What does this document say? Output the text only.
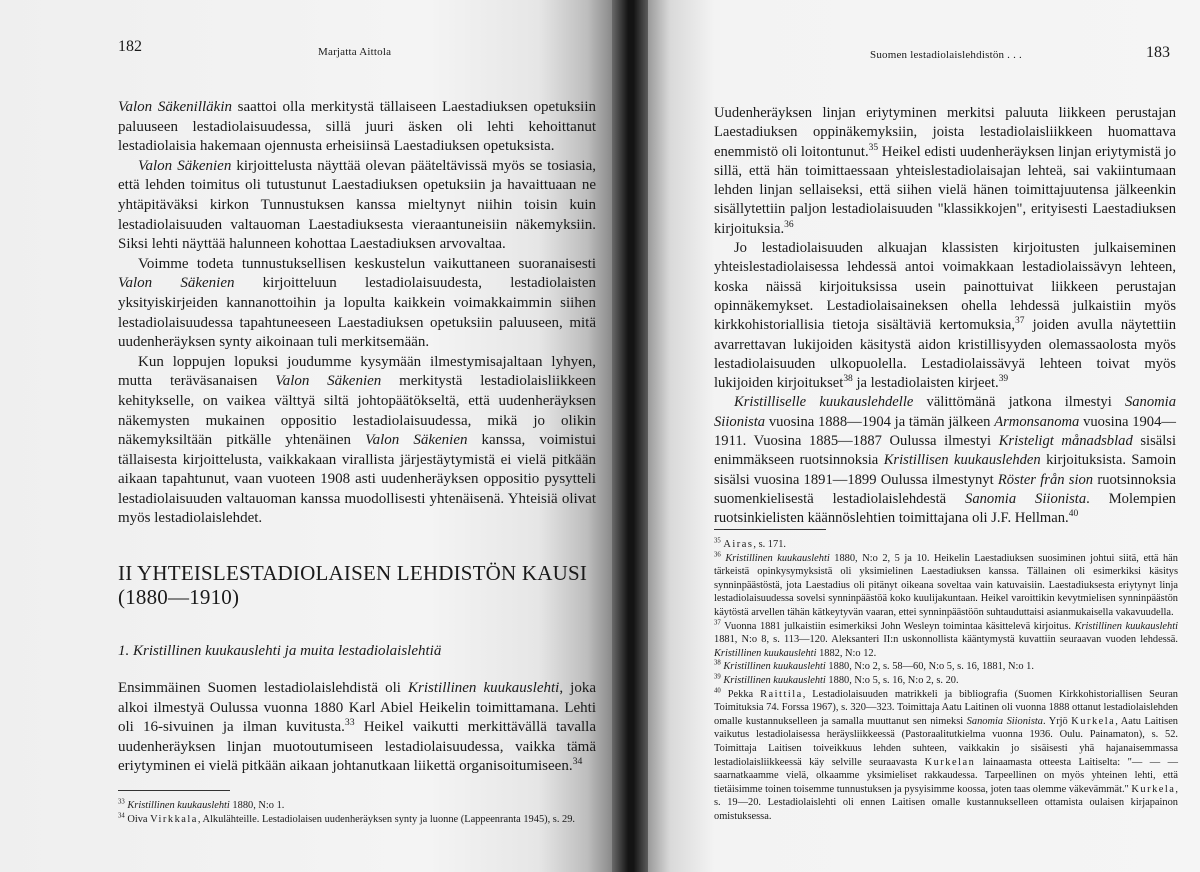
182	Marjatta Aittola

Valon Säkenilläkin saattoi olla merkitystä tällaiseen Laestadiuksen opetuksiin paluuseen lestadiolaisuudessa, sillä juuri äsken oli lehti kehoittanut lestadiolaisia hakemaan ojennusta erheisiinsä Laestadiuksen opetuksista.

Valon Säkenien kirjoittelusta näyttää olevan pääteltävissä myös se tosiasia, että lehden toimitus oli tutustunut Laestadiuksen opetuksiin ja havaittuaan ne yhtäpitäväksi kirkon Tunnustuksen kanssa mieltynyt niihin toisin kuin lestadiolaisuuden valtauoman Laestadiuksesta vieraantuneisiin näkemyksiin. Siksi lehti näyttää halunneen kohottaa Laestadiuksen arvovaltaa.

Voimme todeta tunnustuksellisen keskustelun vaikuttaneen suoranaisesti Valon Säkenien kirjoitteluun lestadiolaisuudesta, lestadiolaisten yksityiskirjeiden kannanottoihin ja lopulta kaikkein voimakkaimmin siihen lestadiolaisuudessa tapahtuneeseen Laestadiuksen opetuksiin paluuseen, mitä uudenheräyksen synty aikoinaan tuli merkitsemään.

Kun loppujen lopuksi joudumme kysymään ilmestymisajaltaan lyhyen, mutta teräväsanaisen Valon Säkenien merkitystä lestadiolaisliikkeen kehitykselle, on vaikea välttyä siltä johtopäätökseltä, että uudenheräyksen näkemysten mukainen oppositio lestadiolaisuudessa, mikä jo olikin näkemyksiltään pitkälle yhtenäinen Valon Säkenien kanssa, voimistui tällaisesta kirjoittelusta, vaikkakaan virallista järjestäytymistä ei vielä pitkään aikaan tapahtunut, vaan vuoteen 1908 asti uudenheräyksen oppositio pysytteli lestadiolaisuuden valtauoman kanssa muodollisesti yhtenäisenä. Yhteisiä olivat myös lestadiolaislehdet.

II YHTEISLESTADIOLAISEN LEHDISTÖN KAUSI
(1880—1910)
1. Kristillinen kuukauslehti ja muita lestadiolaislehtiä

Ensimmäinen Suomen lestadiolaislehdistä oli Kristillinen kuukauslehti, joka alkoi ilmestyä Oulussa vuonna 1880 Karl Abiel Heikelin toimittamana. Lehti oli 16-sivuinen ja ilman kuvitusta.$^{33}$ Heikel vaikutti merkittävällä tavalla uudenheräyksen linjan muotoutumiseen lestadiolaisuudessa, vaikka tämä eriytyminen ei vielä pitkään aikaan johtanutkaan liikettä organisoitumiseen.$^{34}$

$^{33}$ Kristillinen kuukauslehti 1880, N:o 1.

$^{34}$ Oiva Virkkala, Alkulähteille. Lestadiolaisen uudenheräyksen synty ja luonne (Lappeenranta 1945), s. 29.

Suomen lestadiolaislehdistön . . .	183

Uudenheräyksen linjan eriytyminen merkitsi paluuta liikkeen perustajan Laestadiuksen oppinäkemyksiin, joista lestadiolaisliikkeen huomattava enemmistö oli loitontunut.$^{35}$ Heikel edisti uudenheräyksen linjan eriytymistä jo sillä, että hän toimittaessaan yhteislestadiolaisajan lehteä, sai vakiintumaan lehden linjan sellaiseksi, että siihen vielä hänen toimittajuutensa jälkeenkin sisällytettiin paljon lestadiolaisuuden "klassikkojen", erityisesti Laestadiuksen kirjoituksia.$^{36}$

Jo lestadiolaisuuden alkuajan klassisten kirjoitusten julkaiseminen yhteislestadiolaisessa lehdessä antoi voimakkaan lestadiolaissävyn lehteen, koska näissä kirjoituksissa usein painottuivat liikkeen perustajan opinnäkemykset. Lestadiolaisaineksen ohella lehdessä julkaistiin myös kirkkohistoriallisia tietoja sisältäviä kertomuksia,$^{37}$ joiden avulla näytettiin avarrettavan lukijoiden käsitystä aidon kristillisyyden olemassaolosta myös lestadiolaisuuden ulkopuolella. Lestadiolaissävyä lehteen toivat myös lukijoiden kirjoitukset$^{38}$ ja lestadiolaisten kirjeet.$^{39}$

Kristilliselle kuukauslehdelle välittömänä jatkona ilmestyi Sanomia Siionista vuosina 1888—1904 ja tämän jälkeen Armonsanoma vuosina 1904—1911. Vuosina 1885—1887 Oulussa ilmestyi Kristeligt månadsblad sisälsi enimmäkseen ruotsinnoksia Kristillisen kuukauslehden kirjoituksista. Samoin sisälsi vuosina 1891—1899 Oulussa ilmestynyt Röster från sion ruotsinnoksia suomenkielisestä lestadiolaislehdestä Sanomia Siionista. Molempien ruotsinkielisten käännöslehtien toimittajana oli J.F. Hellman.$^{40}$

$^{35}$ Airas, s. 171.

$^{36}$ Kristillinen kuukauslehti 1880, N:o 2, 5 ja 10. Heikelin Laestadiuksen suosiminen johtui siitä, että hän tärkeistä opinkysymyksistä oli yksimielinen Laestadiuksen kanssa. Tällainen oli esimerkiksi käsitys synninpäästöstä, jota Laestadius oli pitänyt oikeana soveltaa vain katuvaisiin. Laestadiuksesta eriytynyt linja lestadiolaisuudessa sovelsi synninpäästöä koko kuulijakuntaan. Heikel varoittikin kevytmielisen synninpäästön käytöstä arvellen tähän kätkeytyvän vaaran, ettei synninpäästöön suhtauduttaisi asianmukaisella vakavuudella.

$^{37}$ Vuonna 1881 julkaistiin esimerkiksi John Wesleyn toimintaa käsittelevä kirjoitus. Kristillinen kuukauslehti 1881, N:o 8, s. 113—120. Aleksanteri II:n uskonnollista kääntymystä kuvattiin seuraavan vuoden lehdessä. Kristillinen kuukauslehti 1882, N:o 12.

$^{38}$ Kristillinen kuukauslehti 1880, N:o 2, s. 58—60, N:o 5, s. 16, 1881, N:o 1.

$^{39}$ Kristillinen kuukauslehti 1880, N:o 5, s. 16, N:o 2, s. 20.

$^{40}$ Pekka Raittila, Lestadiolaisuuden matrikkeli ja bibliografia (Suomen Kirkkohistoriallisen Seuran Toimituksia 74. Forssa 1967), s. 320—323. Toimittaja Aatu Laitinen oli vuonna 1888 ottanut lestadiolaislehden omalle kustannukselleen ja samalla muuttanut sen nimeksi Sanomia Siionista. Yrjö Kurkela, Aatu Laitisen vaikutus lestadiolaisessa heräysliikkeessä (Pastoraalitutkielma vuonna 1936. Oulu. Painamaton), s. 52. Toimittaja Laitisen toiveikkuus lehden suhteen, vaikkakin jo sisäisesti yhä hajanaisemmassa lestadiolaisliikkeessä käy selville seuraavasta Kurkelan lainaamasta otteesta Laitiselta: "— — — saarnatkaamme vielä, olkaamme yksimieliset rakkaudessa. Tarpeellinen on myös yhteinen lehti, että tietäisimme toinen toisemme tunnustuksen ja pysyisimme koossa, joten taas olemme väkevämmät." Kurkela, s. 19—20. Lestadiolaislehti oli ennen Laitisen omalle kustannukselleen ottamista oulaisen kirjapainon omistuksessa.
